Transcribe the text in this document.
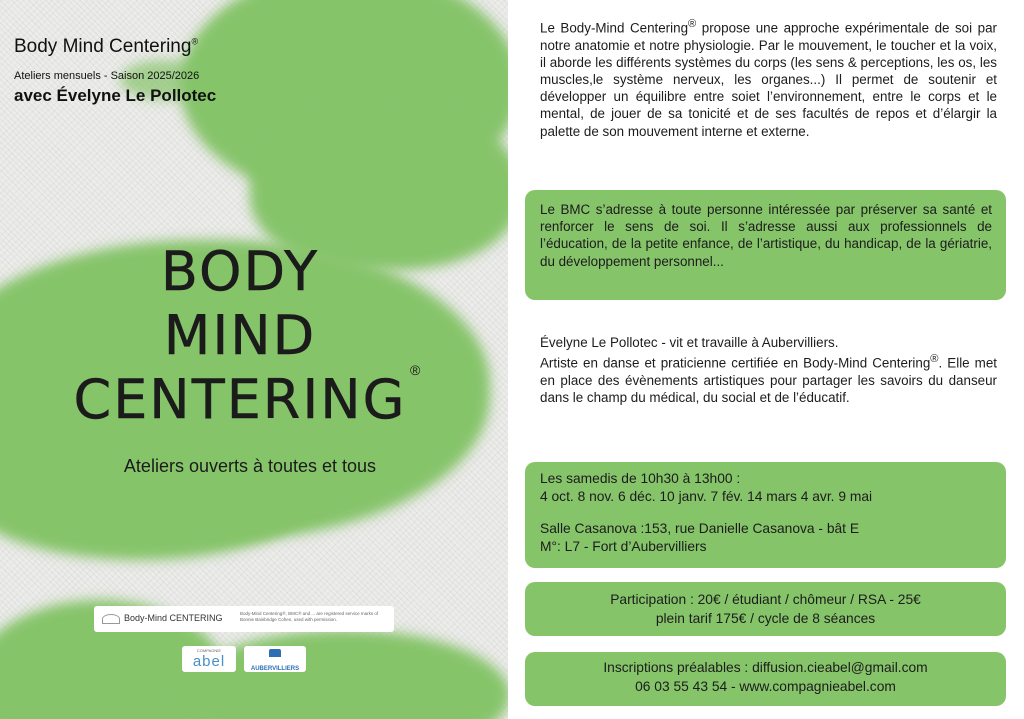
Body Mind Centering®
Ateliers mensuels - Saison 2025/2026
avec Évelyne Le Pollotec
BODY
MIND
CENTERING ®
Ateliers ouverts à toutes et tous
Body-Mind CENTERING	Body-Mind Centering®, BMC® and ... are registered service marks of Bonnie Bainbridge Cohen, used with permission.
COMPAGNIE
abel	AUBERVILLIERS
Le Body-Mind Centering® propose une approche expérimentale de soi par notre anatomie et notre physiologie. Par le mouvement, le toucher et la voix, il aborde les différents systèmes du corps (les sens & perceptions, les os, les muscles,le système nerveux, les organes...) Il permet de soutenir et développer un équilibre entre soiet l’environnement, entre le corps et le mental, de jouer de sa tonicité et de ses facultés de repos et d’élargir la palette de son mouvement interne et externe.
Le BMC s’adresse à toute personne intéressée par préserver sa santé et renforcer le sens de soi. Il s’adresse aussi aux professionnels de l’éducation, de la petite enfance, de l’artistique, du handicap, de la gériatrie, du développement personnel...
Évelyne Le Pollotec - vit et travaille à Aubervilliers.
Artiste en danse et praticienne certifiée en Body-Mind Centering®. Elle met en place des évènements artistiques pour partager les savoirs du danseur dans le champ du médical, du social et de l’éducatif.
Les samedis de 10h30 à 13h00 :
4 oct. 8 nov. 6 déc. 10 janv. 7 fév. 14 mars 4 avr. 9 mai
Salle Casanova :153, rue Danielle Casanova - bât E
M°: L7 - Fort d’Aubervilliers
Participation : 20€ / étudiant / chômeur / RSA - 25€
plein tarif 175€ / cycle de 8 séances
Inscriptions préalables : diffusion.cieabel@gmail.com
06 03 55 43 54 - www.compagnieabel.com
